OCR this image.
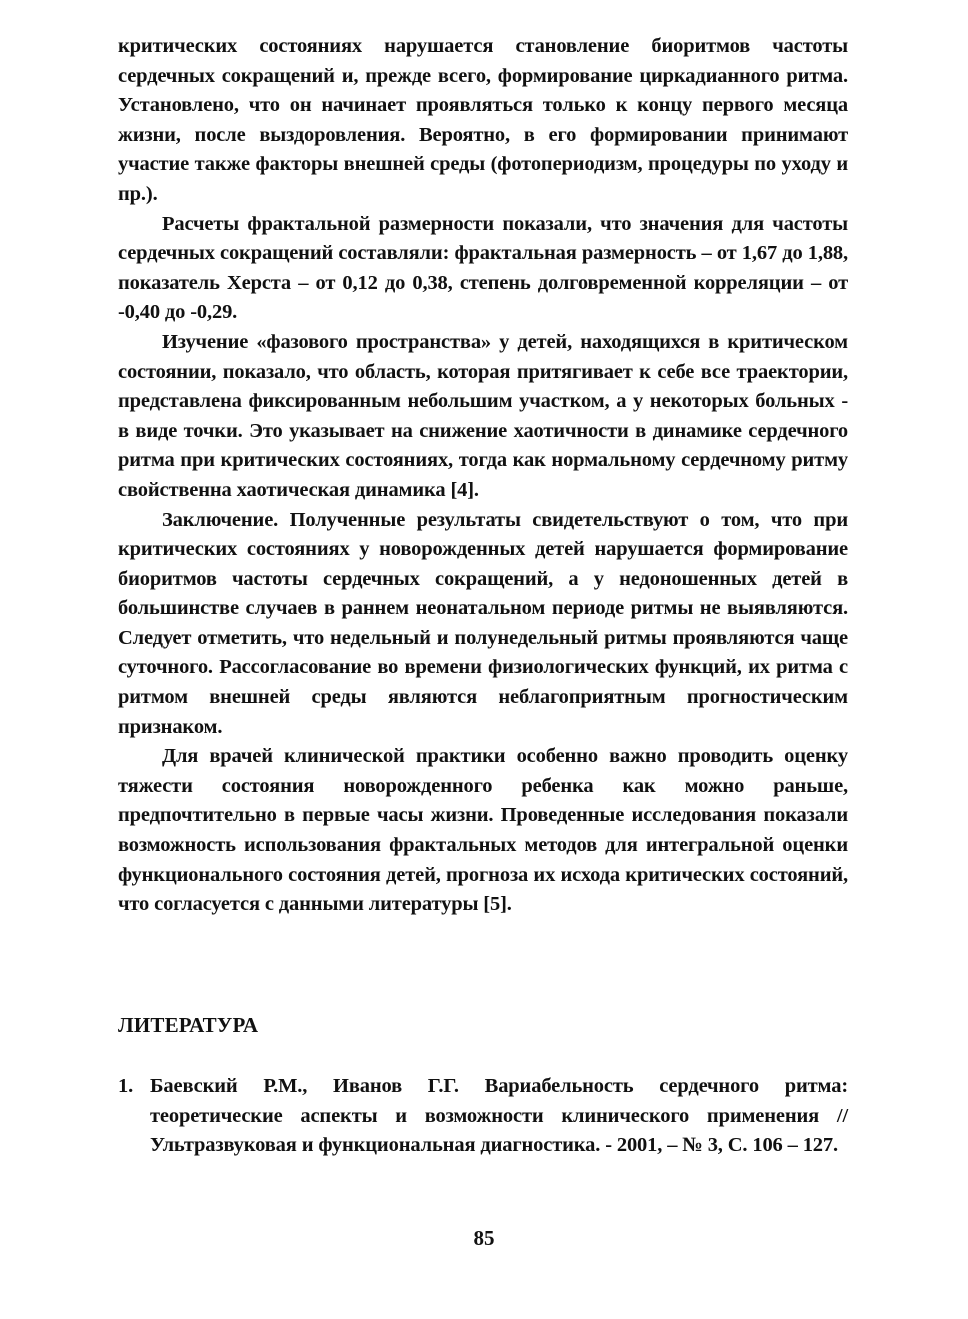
критических состояниях нарушается становление биоритмов частоты сердечных сокращений и, прежде всего, формирование циркадианного ритма. Установлено, что он начинает проявляться только к концу первого месяца жизни, после выздоровления. Вероятно, в его формировании принимают участие также факторы внешней среды (фотопериодизм, процедуры по уходу и пр.).

Расчеты фрактальной размерности показали, что значения для частоты сердечных сокращений составляли: фрактальная размерность – от 1,67 до 1,88, показатель Херста – от 0,12 до 0,38, степень долговременной корреляции – от -0,40 до -0,29.

Изучение «фазового пространства» у детей, находящихся в критическом состоянии, показало, что область, которая притягивает к себе все траектории, представлена фиксированным небольшим участком, а у некоторых больных - в виде точки. Это указывает на снижение хаотичности в динамике сердечного ритма при критических состояниях, тогда как нормальному сердечному ритму свойственна хаотическая динамика [4].

Заключение. Полученные результаты свидетельствуют о том, что при критических состояниях у новорожденных детей нарушается формирование биоритмов частоты сердечных сокращений, а у недоношенных детей в большинстве случаев в раннем неонатальном периоде ритмы не выявляются. Следует отметить, что недельный и полунедельный ритмы проявляются чаще суточного. Рассогласование во времени физиологических функций, их ритма с ритмом внешней среды являются неблагоприятным прогностическим признаком.

Для врачей клинической практики особенно важно проводить оценку тяжести состояния новорожденного ребенка как можно раньше, предпочтительно в первые часы жизни. Проведенные исследования показали возможность использования фрактальных методов для интегральной оценки функционального состояния детей, прогноза их исхода критических состояний, что согласуется с данными литературы [5].

ЛИТЕРАТУРА
1. Баевский Р.М., Иванов Г.Г. Вариабельность сердечного ритма: теоретические аспекты и возможности клинического применения //Ультразвуковая и функциональная диагностика. - 2001, – № 3, С. 106 – 127.
85
